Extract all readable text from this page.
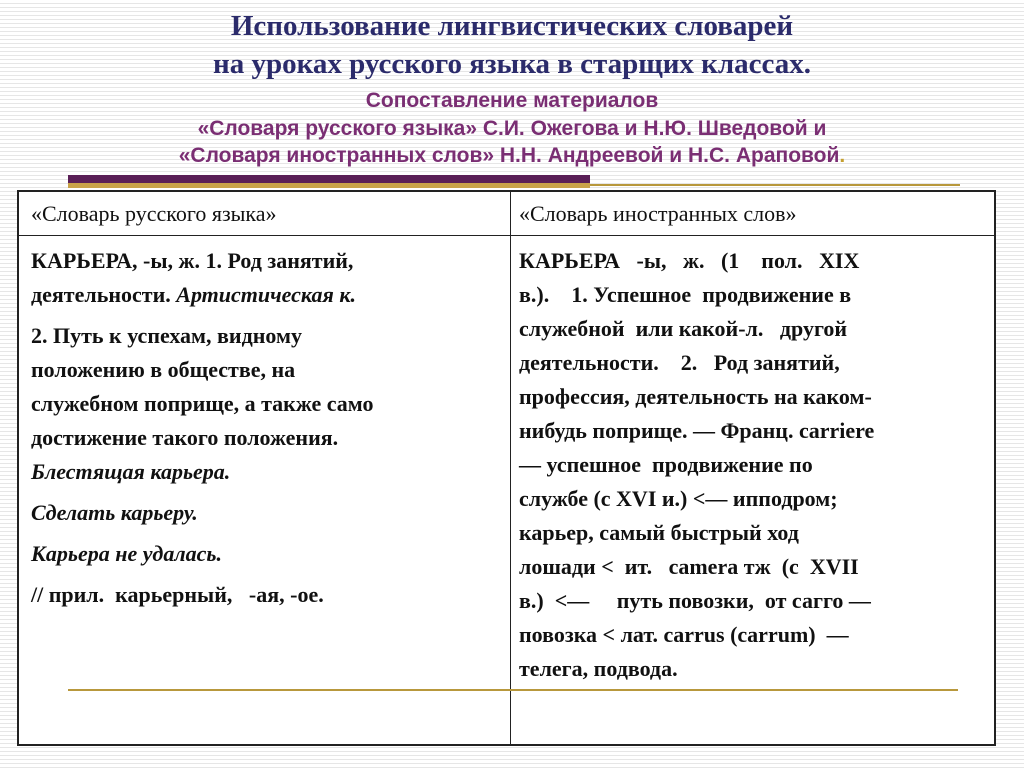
Использование лингвистических словарей
на уроках русского языка в старщих классах.
Сопоставление материалов
«Словаря русского языка» С.И. Ожегова и Н.Ю. Шведовой и
«Словаря иностранных слов» Н.Н. Андреевой и Н.С. Араповой.
«Словарь русского языка»	«Словарь иностранных слов»
КАРЬЕРА, -ы, ж. 1. Род занятий,
деятельности. Артистическая к.
2. Путь к успехам, видному
положению в обществе, на
служебном поприще, а также само
достижение такого положения.
Блестящая карьера.
Сделать карьеру.
Карьера не удалась.
// прил.  карьерный,   -ая, -ое.
КАРЬЕРА   -ы,   ж.   (1    пол.   XIX
в.).    1. Успешное  продвижение в
служебной  или какой-л.   другой
деятельности.    2.   Род занятий,
профессия, деятельность на каком-
нибудь поприще. — Франц. carriere
— успешное  продвижение по
службе (с XVI и.) <— ипподром;
карьер, самый быстрый ход
лошади <  ит.   camera тж  (с  XVII
в.)  <—     путь повозки,  от сагго —
повозка < лат. carrus (carrum)  —
телега, подвода.
